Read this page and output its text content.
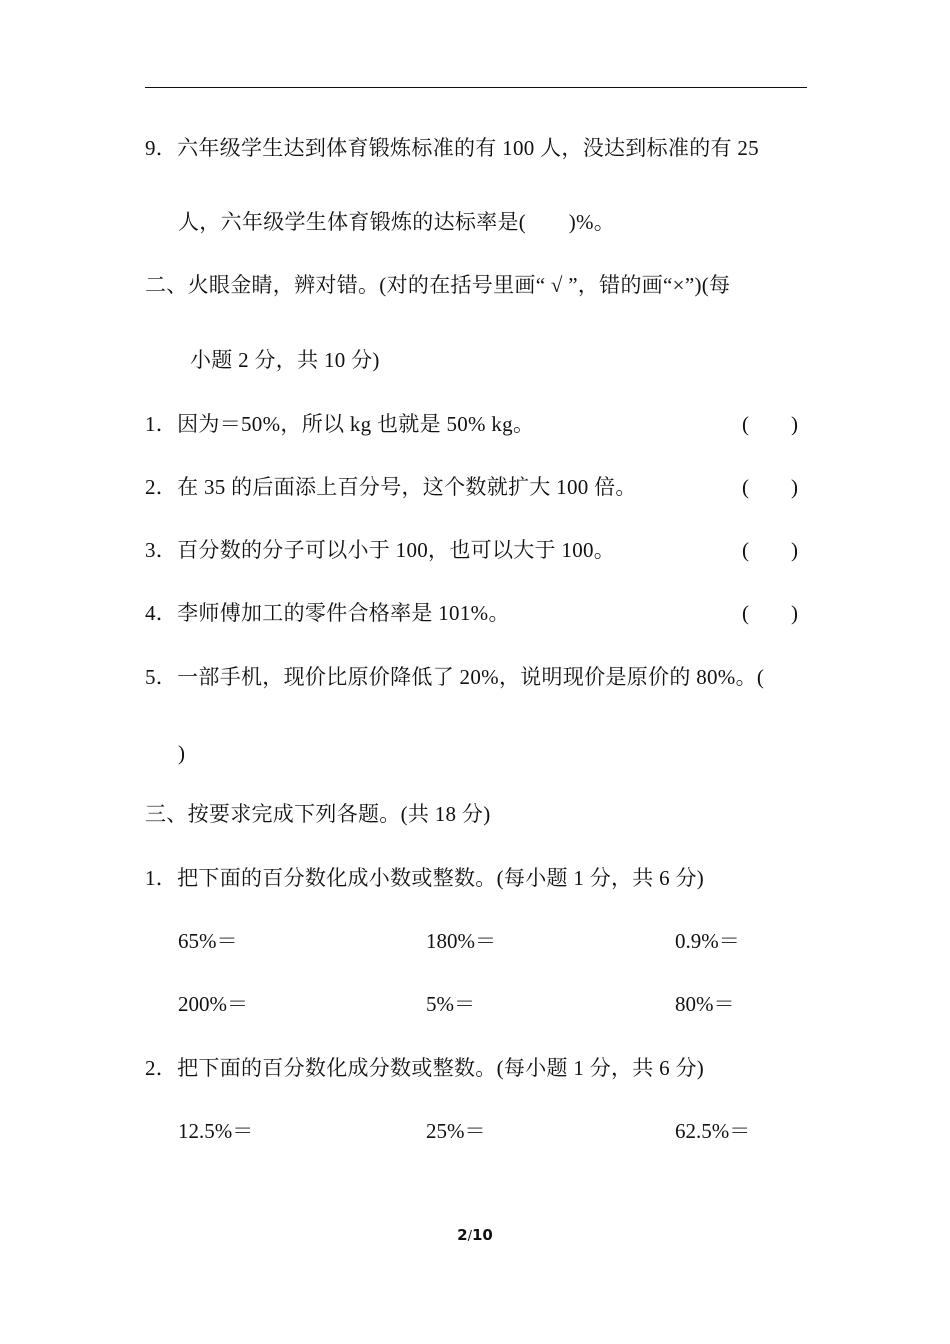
9．六年级学生达到体育锻炼标准的有 100 人，没达到标准的有 25
人，六年级学生体育锻炼的达标率是(　　)%。
二、火眼金睛，辨对错。(对的在括号里画“ √ ”，错的画“×”)(每
小题 2 分，共 10 分)
1．因为＝50%，所以 kg 也就是 50% kg。	(　　)
2．在 35 的后面添上百分号，这个数就扩大 100 倍。	(　　)
3．百分数的分子可以小于 100，也可以大于 100。	(　　)
4．李师傅加工的零件合格率是 101%。	(　　)
5．一部手机，现价比原价降低了 20%，说明现价是原价的 80%。(
)
三、按要求完成下列各题。(共 18 分)
1．把下面的百分数化成小数或整数。(每小题 1 分，共 6 分)
65%＝	180%＝	0.9%＝
200%＝	5%＝	80%＝
2．把下面的百分数化成分数或整数。(每小题 1 分，共 6 分)
12.5%＝	25%＝	62.5%＝
2/10
